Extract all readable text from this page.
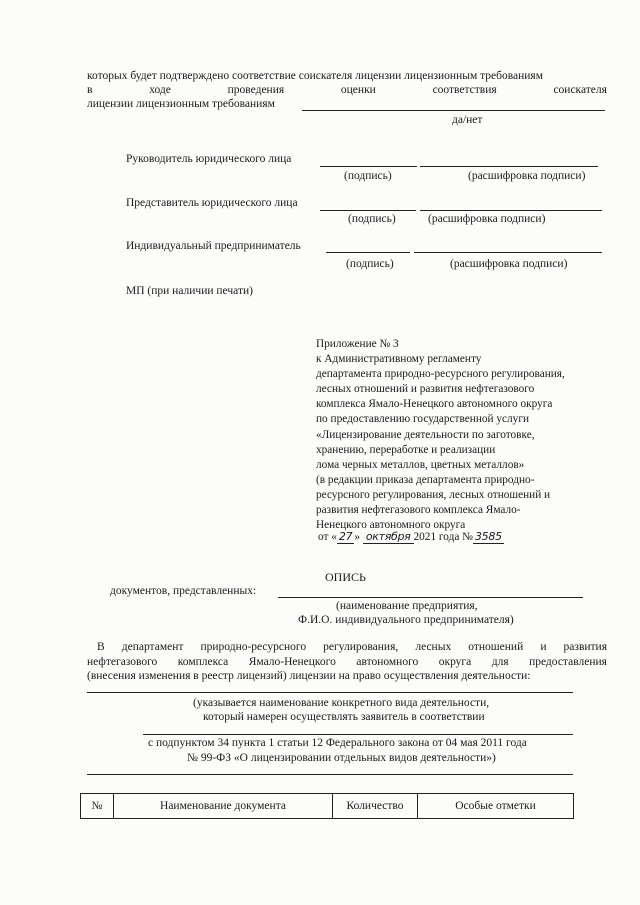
которых будет подтверждено соответствие соискателя лицензии лицензионным требованиям
в	ходе	проведения	оценки	соответствия	соискателя
лицензии лицензионным требованиям
да/нет
Руководитель юридического лица
(подпись)	(расшифровка подписи)
Представитель юридического лица
(подпись)	(расшифровка подписи)
Индивидуальный предприниматель
(подпись)	(расшифровка подписи)
МП (при наличии печати)
Приложение № 3
к Административному регламенту
департамента природно-ресурсного регулирования,
лесных отношений и развития нефтегазового
комплекса Ямало-Ненецкого автономного округа
по предоставлению государственной услуги
«Лицензирование деятельности по заготовке,
хранению, переработке и реализации
лома черных металлов, цветных металлов»
(в редакции приказа департамента природно-
ресурсного регулирования, лесных отношений и
развития нефтегазового комплекса Ямало-
Ненецкого автономного округа
от « 27 » октября 2021 года № 3585
ОПИСЬ
документов, представленных:
(наименование предприятия,
Ф.И.О. индивидуального предпринимателя)
В департамент природно-ресурсного регулирования, лесных отношений и развития
нефтегазового комплекса Ямало-Ненецкого автономного округа для предоставления
(внесения изменения в реестр лицензий) лицензии на право осуществления деятельности:
(указывается наименование конкретного вида деятельности,
который намерен осуществлять заявитель в соответствии
с подпунктом 34 пункта 1 статьи 12 Федерального закона от 04 мая 2011 года
№ 99-ФЗ «О лицензировании отдельных видов деятельности»)
№	Наименование документа	Количество	Особые отметки
